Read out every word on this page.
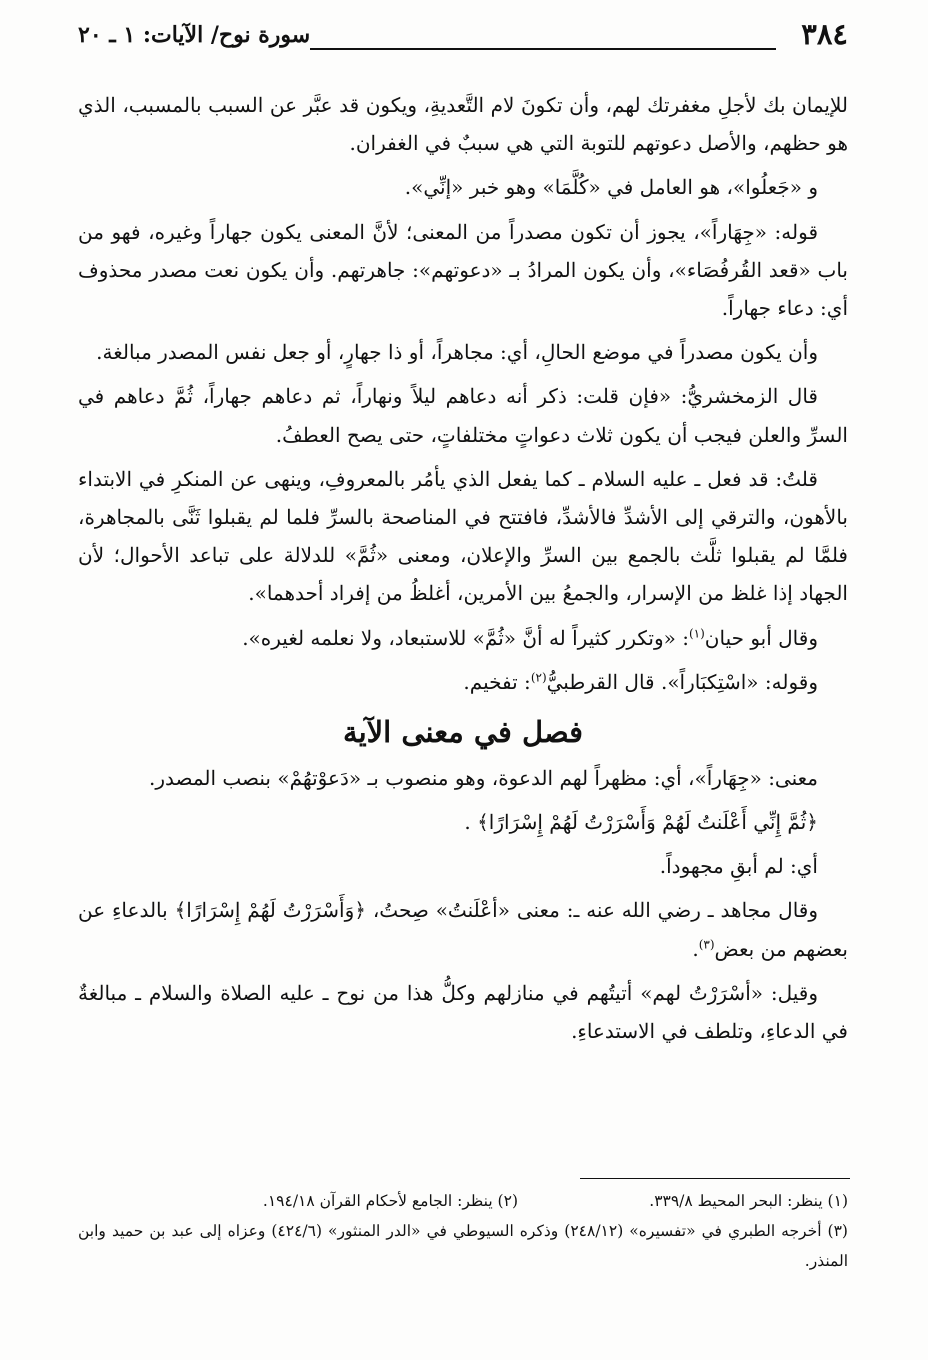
٣٨٤
سورة نوح/ الآيات: ١ ـ ٢٠

للإيمان بك لأجلِ مغفرتك لهم، وأن تكونَ لام التَّعديةِ، ويكون قد عبَّر عن السبب بالمسبب، الذي هو حظهم، والأصل دعوتهم للتوبة التي هي سببٌ في الغفران.

و «جَعلُوا»، هو العامل في «كُلَّمَا» وهو خبر «إنِّي».

قوله: «جِهَاراً»، يجوز أن تكون مصدراً من المعنى؛ لأنَّ المعنى يكون جهاراً وغيره، فهو من باب «قعد القُرفُصَاء»، وأن يكون المرادُ بـ «دعوتهم»: جاهرتهم. وأن يكون نعت مصدر محذوف أي: دعاء جهاراً.

وأن يكون مصدراً في موضع الحالِ، أي: مجاهراً، أو ذا جهارٍ، أو جعل نفس المصدر مبالغة.

قال الزمخشريُّ: «فإن قلت: ذكر أنه دعاهم ليلاً ونهاراً، ثم دعاهم جهاراً، ثُمَّ دعاهم في السرِّ والعلن فيجب أن يكون ثلاث دعواتٍ مختلفاتٍ، حتى يصح العطفُ.

قلتُ: قد فعل ـ عليه السلام ـ كما يفعل الذي يأمُر بالمعروفِ، وينهى عن المنكرِ في الابتداء بالأهون، والترقي إلى الأشدِّ فالأشدِّ، فافتتح في المناصحة بالسرِّ فلما لم يقبلوا ثَنَّى بالمجاهرة، فلمَّا لم يقبلوا ثلَّث بالجمع بين السرِّ والإعلان، ومعنى «ثُمَّ» للدلالة على تباعد الأحوال؛ لأن الجهاد إذا غلظ من الإسرار، والجمعُ بين الأمرين، أغلظُ من إفراد أحدهما».

وقال أبو حيان$^{(١)}$: «وتكرر كثيراً له أنَّ «ثُمَّ» للاستبعاد، ولا نعلمه لغيره».

وقوله: «اسْتِكبَاراً». قال القرطبيُّ$^{(٢)}$: تفخيم.

فصل في معنى الآية

معنى: «جِهَاراً»، أي: مظهراً لهم الدعوة، وهو منصوب بـ «دَعوْتهُمْ» بنصب المصدر.

﴿ثُمَّ إِنِّي أَعْلَنتُ لَهُمْ وَأَسْرَرْتُ لَهُمْ إِسْرَارًا﴾ .

أي: لم أبقِ مجهوداً.

وقال مجاهد ـ رضي الله عنه ـ: معنى «أعْلَنتُ» صِحتُ، ﴿وَأَسْرَرْتُ لَهُمْ إِسْرَارًا﴾ بالدعاءِ عن بعضهم من بعض$^{(٣)}$.

وقيل: «أسْرَرْتُ لهم» أتيتُهم في منازلهم وكلُّ هذا من نوح ـ عليه الصلاة والسلام ـ مبالغةٌ في الدعاءِ، وتلطف في الاستدعاءِ.

(١) ينظر: البحر المحيط ٣٣٩/٨.
(٢) ينظر: الجامع لأحكام القرآن ١٩٤/١٨.
(٣) أخرجه الطبري في «تفسيره» (٢٤٨/١٢) وذكره السيوطي في «الدر المنثور» (٤٢٤/٦) وعزاه إلى عبد بن حميد وابن المنذر.
